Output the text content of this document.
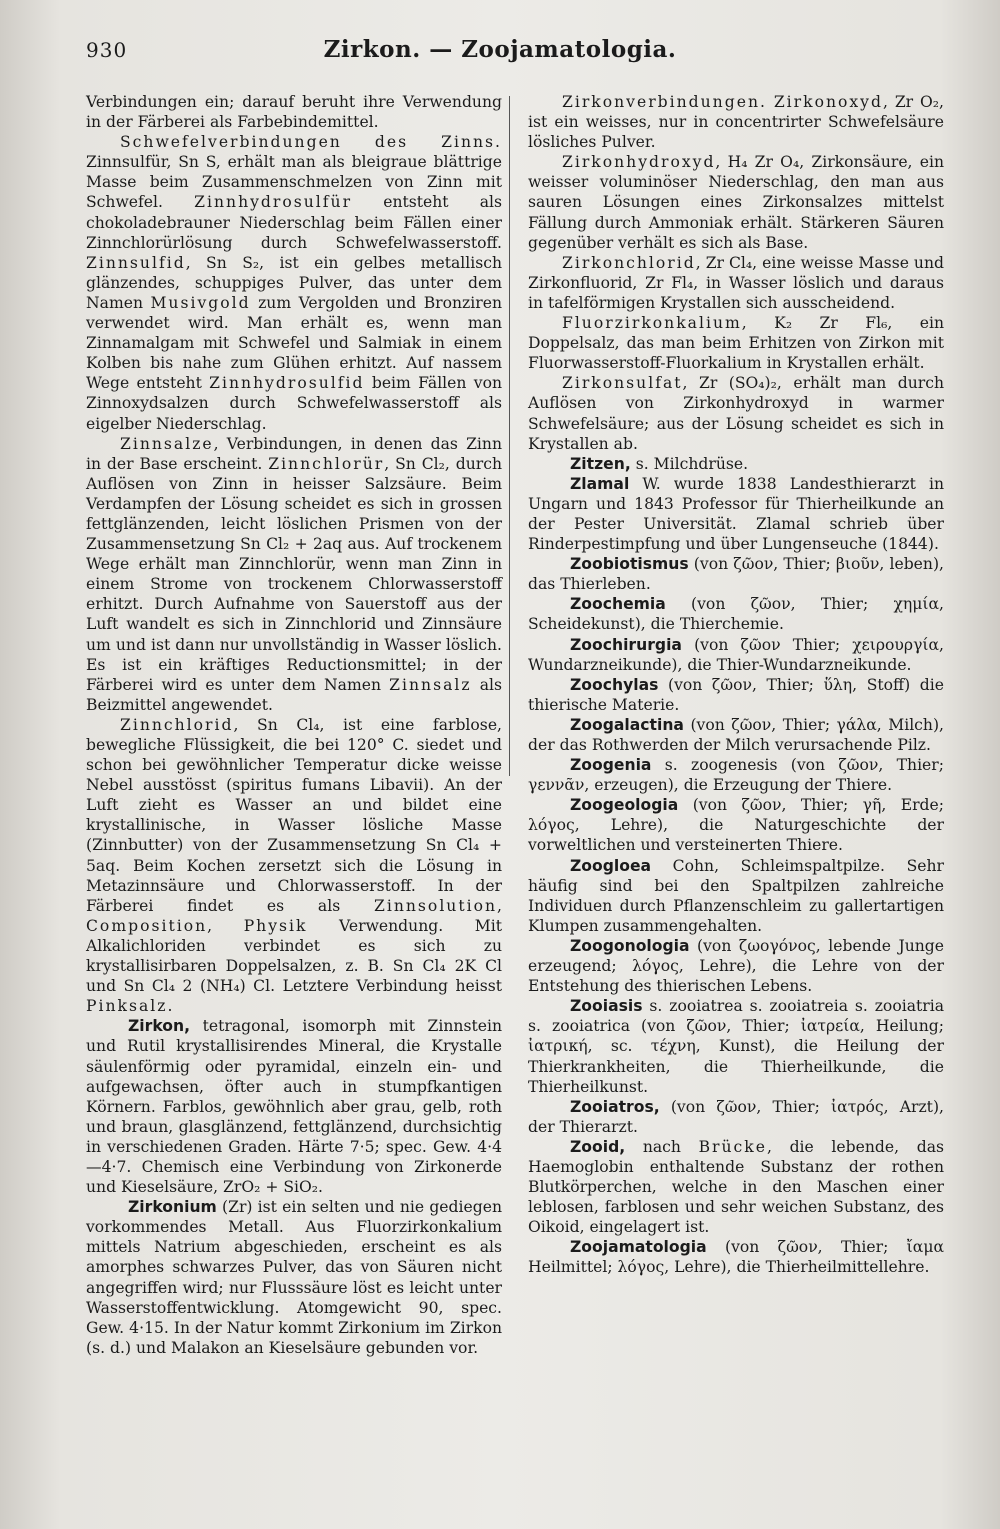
930	Zirkon. — Zoojamatologia.

Verbindungen ein; darauf beruht ihre Verwendung in der Färberei als Farbebindemittel.

Schwefelverbindungen des Zinns. Zinnsulfür, Sn S, erhält man als bleigraue blättrige Masse beim Zusammenschmelzen von Zinn mit Schwefel. Zinnhydrosulfür entsteht als chokoladebrauner Niederschlag beim Fällen einer Zinnchlorürlösung durch Schwefelwasserstoff. Zinnsulfid, Sn S₂, ist ein gelbes metallisch glänzendes, schuppiges Pulver, das unter dem Namen Musivgold zum Vergolden und Bronziren verwendet wird. Man erhält es, wenn man Zinnamalgam mit Schwefel und Salmiak in einem Kolben bis nahe zum Glühen erhitzt. Auf nassem Wege entsteht Zinnhydrosulfid beim Fällen von Zinnoxydsalzen durch Schwefelwasserstoff als eigelber Niederschlag.

Zinnsalze, Verbindungen, in denen das Zinn in der Base erscheint. Zinnchlorür, Sn Cl₂, durch Auflösen von Zinn in heisser Salzsäure. Beim Verdampfen der Lösung scheidet es sich in grossen fettglänzenden, leicht löslichen Prismen von der Zusammensetzung Sn Cl₂ + 2aq aus. Auf trockenem Wege erhält man Zinnchlorür, wenn man Zinn in einem Strome von trockenem Chlorwasserstoff erhitzt. Durch Aufnahme von Sauerstoff aus der Luft wandelt es sich in Zinnchlorid und Zinnsäure um und ist dann nur unvollständig in Wasser löslich. Es ist ein kräftiges Reductionsmittel; in der Färberei wird es unter dem Namen Zinnsalz als Beizmittel angewendet.

Zinnchlorid, Sn Cl₄, ist eine farblose, bewegliche Flüssigkeit, die bei 120° C. siedet und schon bei gewöhnlicher Temperatur dicke weisse Nebel ausstösst (spiritus fumans Libavii). An der Luft zieht es Wasser an und bildet eine krystallinische, in Wasser lösliche Masse (Zinnbutter) von der Zusammensetzung Sn Cl₄ + 5aq. Beim Kochen zersetzt sich die Lösung in Metazinnsäure und Chlorwasserstoff. In der Färberei findet es als Zinnsolution, Composition, Physik Verwendung. Mit Alkalichloriden verbindet es sich zu krystallisirbaren Doppelsalzen, z. B. Sn Cl₄ 2K Cl und Sn Cl₄ 2 (NH₄) Cl. Letztere Verbindung heisst Pinksalz.

Zirkon, tetragonal, isomorph mit Zinnstein und Rutil krystallisirendes Mineral, die Krystalle säulenförmig oder pyramidal, einzeln ein- und aufgewachsen, öfter auch in stumpfkantigen Körnern. Farblos, gewöhnlich aber grau, gelb, roth und braun, glasglänzend, fettglänzend, durchsichtig in verschiedenen Graden. Härte 7·5; spec. Gew. 4·4—4·7. Chemisch eine Verbindung von Zirkonerde und Kieselsäure, ZrO₂ + SiO₂.

Zirkonium (Zr) ist ein selten und nie gediegen vorkommendes Metall. Aus Fluorzirkonkalium mittels Natrium abgeschieden, erscheint es als amorphes schwarzes Pulver, das von Säuren nicht angegriffen wird; nur Flusssäure löst es leicht unter Wasserstoffentwicklung. Atomgewicht 90, spec. Gew. 4·15. In der Natur kommt Zirkonium im Zirkon (s. d.) und Malakon an Kieselsäure gebunden vor.

Zirkonverbindungen. Zirkonoxyd, Zr O₂, ist ein weisses, nur in concentrirter Schwefelsäure lösliches Pulver.

Zirkonhydroxyd, H₄ Zr O₄, Zirkonsäure, ein weisser voluminöser Niederschlag, den man aus sauren Lösungen eines Zirkonsalzes mittelst Fällung durch Ammoniak erhält. Stärkeren Säuren gegenüber verhält es sich als Base.

Zirkonchlorid, Zr Cl₄, eine weisse Masse und Zirkonfluorid, Zr Fl₄, in Wasser löslich und daraus in tafelförmigen Krystallen sich ausscheidend.

Fluorzirkonkalium, K₂ Zr Fl₆, ein Doppelsalz, das man beim Erhitzen von Zirkon mit Fluorwasserstoff-Fluorkalium in Krystallen erhält.

Zirkonsulfat, Zr (SO₄)₂, erhält man durch Auflösen von Zirkonhydroxyd in warmer Schwefelsäure; aus der Lösung scheidet es sich in Krystallen ab.

Zitzen, s. Milchdrüse.

Zlamal W. wurde 1838 Landesthierarzt in Ungarn und 1843 Professor für Thierheilkunde an der Pester Universität. Zlamal schrieb über Rinderpestimpfung und über Lungenseuche (1844).

Zoobiotismus (von ζῶον, Thier; βιοῦν, leben), das Thierleben.

Zoochemia (von ζῶον, Thier; χημία, Scheidekunst), die Thierchemie.

Zoochirurgia (von ζῶον Thier; χειρουργία, Wundarzneikunde), die Thier-Wundarzneikunde.

Zoochylas (von ζῶον, Thier; ὕλη, Stoff) die thierische Materie.

Zoogalactina (von ζῶον, Thier; γάλα, Milch), der das Rothwerden der Milch verursachende Pilz.

Zoogenia s. zoogenesis (von ζῶον, Thier; γεννᾶν, erzeugen), die Erzeugung der Thiere.

Zoogeologia (von ζῶον, Thier; γῆ, Erde; λόγος, Lehre), die Naturgeschichte der vorweltlichen und versteinerten Thiere.

Zoogloea Cohn, Schleimspaltpilze. Sehr häufig sind bei den Spaltpilzen zahlreiche Individuen durch Pflanzenschleim zu gallertartigen Klumpen zusammengehalten.

Zoogonologia (von ζωογόνος, lebende Junge erzeugend; λόγος, Lehre), die Lehre von der Entstehung des thierischen Lebens.

Zooiasis s. zooiatrea s. zooiatreia s. zooiatria s. zooiatrica (von ζῶον, Thier; ἰατρεία, Heilung; ἰατρική, sc. τέχνη, Kunst), die Heilung der Thierkrankheiten, die Thierheilkunde, die Thierheilkunst.

Zooiatros, (von ζῶον, Thier; ἰατρός, Arzt), der Thierarzt.

Zooid, nach Brücke, die lebende, das Haemoglobin enthaltende Substanz der rothen Blutkörperchen, welche in den Maschen einer leblosen, farblosen und sehr weichen Substanz, des Oikoid, eingelagert ist.

Zoojamatologia (von ζῶον, Thier; ἴαμα Heilmittel; λόγος, Lehre), die Thierheilmittellehre.
